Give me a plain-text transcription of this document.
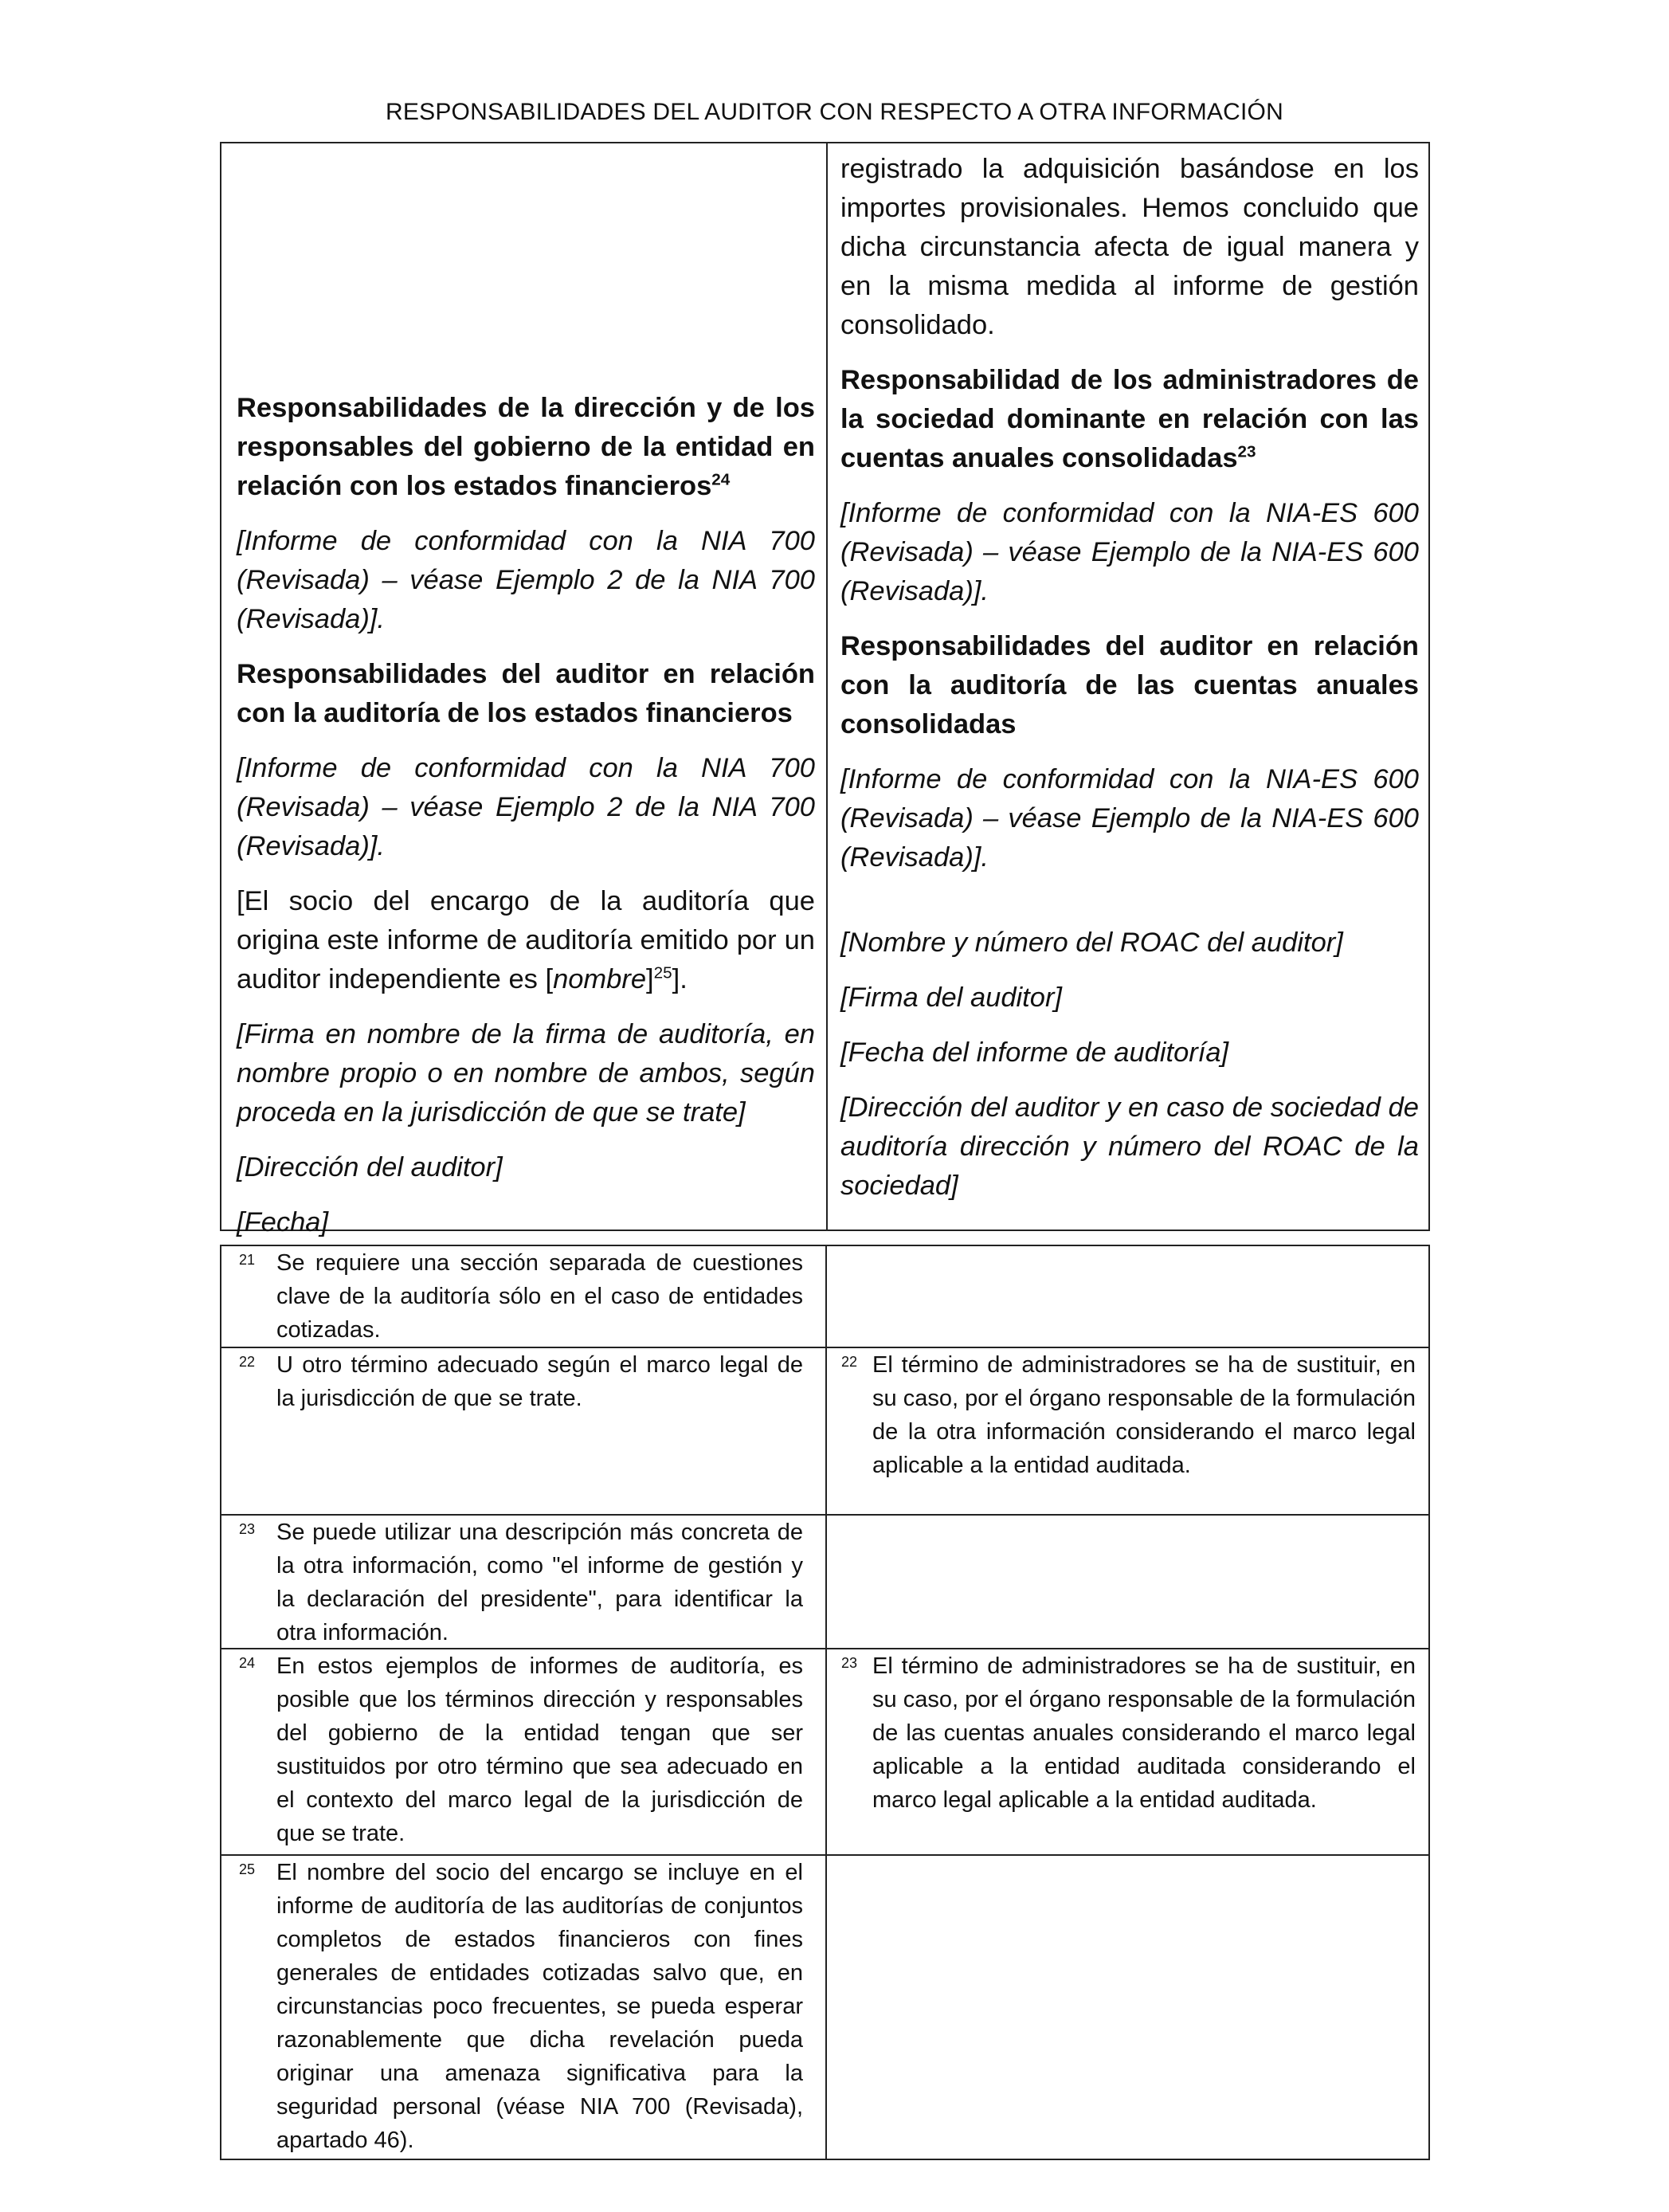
RESPONSABILIDADES DEL AUDITOR CON RESPECTO A OTRA INFORMACIÓN

Responsabilidades de la dirección y de los responsables del gobierno de la entidad en relación con los estados financieros$^{24}$

[Informe de conformidad con la NIA 700 (Revisada) – véase Ejemplo 2 de la NIA 700 (Revisada)].

Responsabilidades del auditor en relación con la auditoría de los estados financieros

[Informe de conformidad con la NIA 700 (Revisada) – véase Ejemplo 2 de la NIA 700 (Revisada)].

[El socio del encargo de la auditoría que origina este informe de auditoría emitido por un auditor independiente es [nombre]$^{25}$].

[Firma en nombre de la firma de auditoría, en nombre propio o en nombre de ambos, según proceda en la jurisdicción de que se trate]

[Dirección del auditor]

[Fecha]

registrado la adquisición basándose en los importes provisionales. Hemos concluido que dicha circunstancia afecta de igual manera y en la misma medida al informe de gestión consolidado.

Responsabilidad de los administradores de la sociedad dominante en relación con las cuentas anuales consolidadas$^{23}$

[Informe de conformidad con la NIA-ES 600 (Revisada) – véase Ejemplo de la NIA-ES 600 (Revisada)].

Responsabilidades del auditor en relación con la auditoría de las cuentas anuales consolidadas

[Informe de conformidad con la NIA-ES 600 (Revisada) – véase Ejemplo de la NIA-ES 600 (Revisada)].

[Nombre y número del ROAC del auditor]

[Firma del auditor]

[Fecha del informe de auditoría]

[Dirección del auditor y en caso de sociedad de auditoría dirección y número del ROAC de la sociedad]

21 Se requiere una sección separada de cuestiones clave de la auditoría sólo en el caso de entidades cotizadas.
22 U otro término adecuado según el marco legal de la jurisdicción de que se trate.
22 El término de administradores se ha de sustituir, en su caso, por el órgano responsable de la formulación de la otra información considerando el marco legal aplicable a la entidad auditada.
23 Se puede utilizar una descripción más concreta de la otra información, como "el informe de gestión y la declaración del presidente", para identificar la otra información.
24 En estos ejemplos de informes de auditoría, es posible que los términos dirección y responsables del gobierno de la entidad tengan que ser sustituidos por otro término que sea adecuado en el contexto del marco legal de la jurisdicción de que se trate.
23 El término de administradores se ha de sustituir, en su caso, por el órgano responsable de la formulación de las cuentas anuales considerando el marco legal aplicable a la entidad auditada considerando el marco legal aplicable a la entidad auditada.
25 El nombre del socio del encargo se incluye en el informe de auditoría de las auditorías de conjuntos completos de estados financieros con fines generales de entidades cotizadas salvo que, en circunstancias poco frecuentes, se pueda esperar razonablemente que dicha revelación pueda originar una amenaza significativa para la seguridad personal (véase NIA 700 (Revisada), apartado 46).
